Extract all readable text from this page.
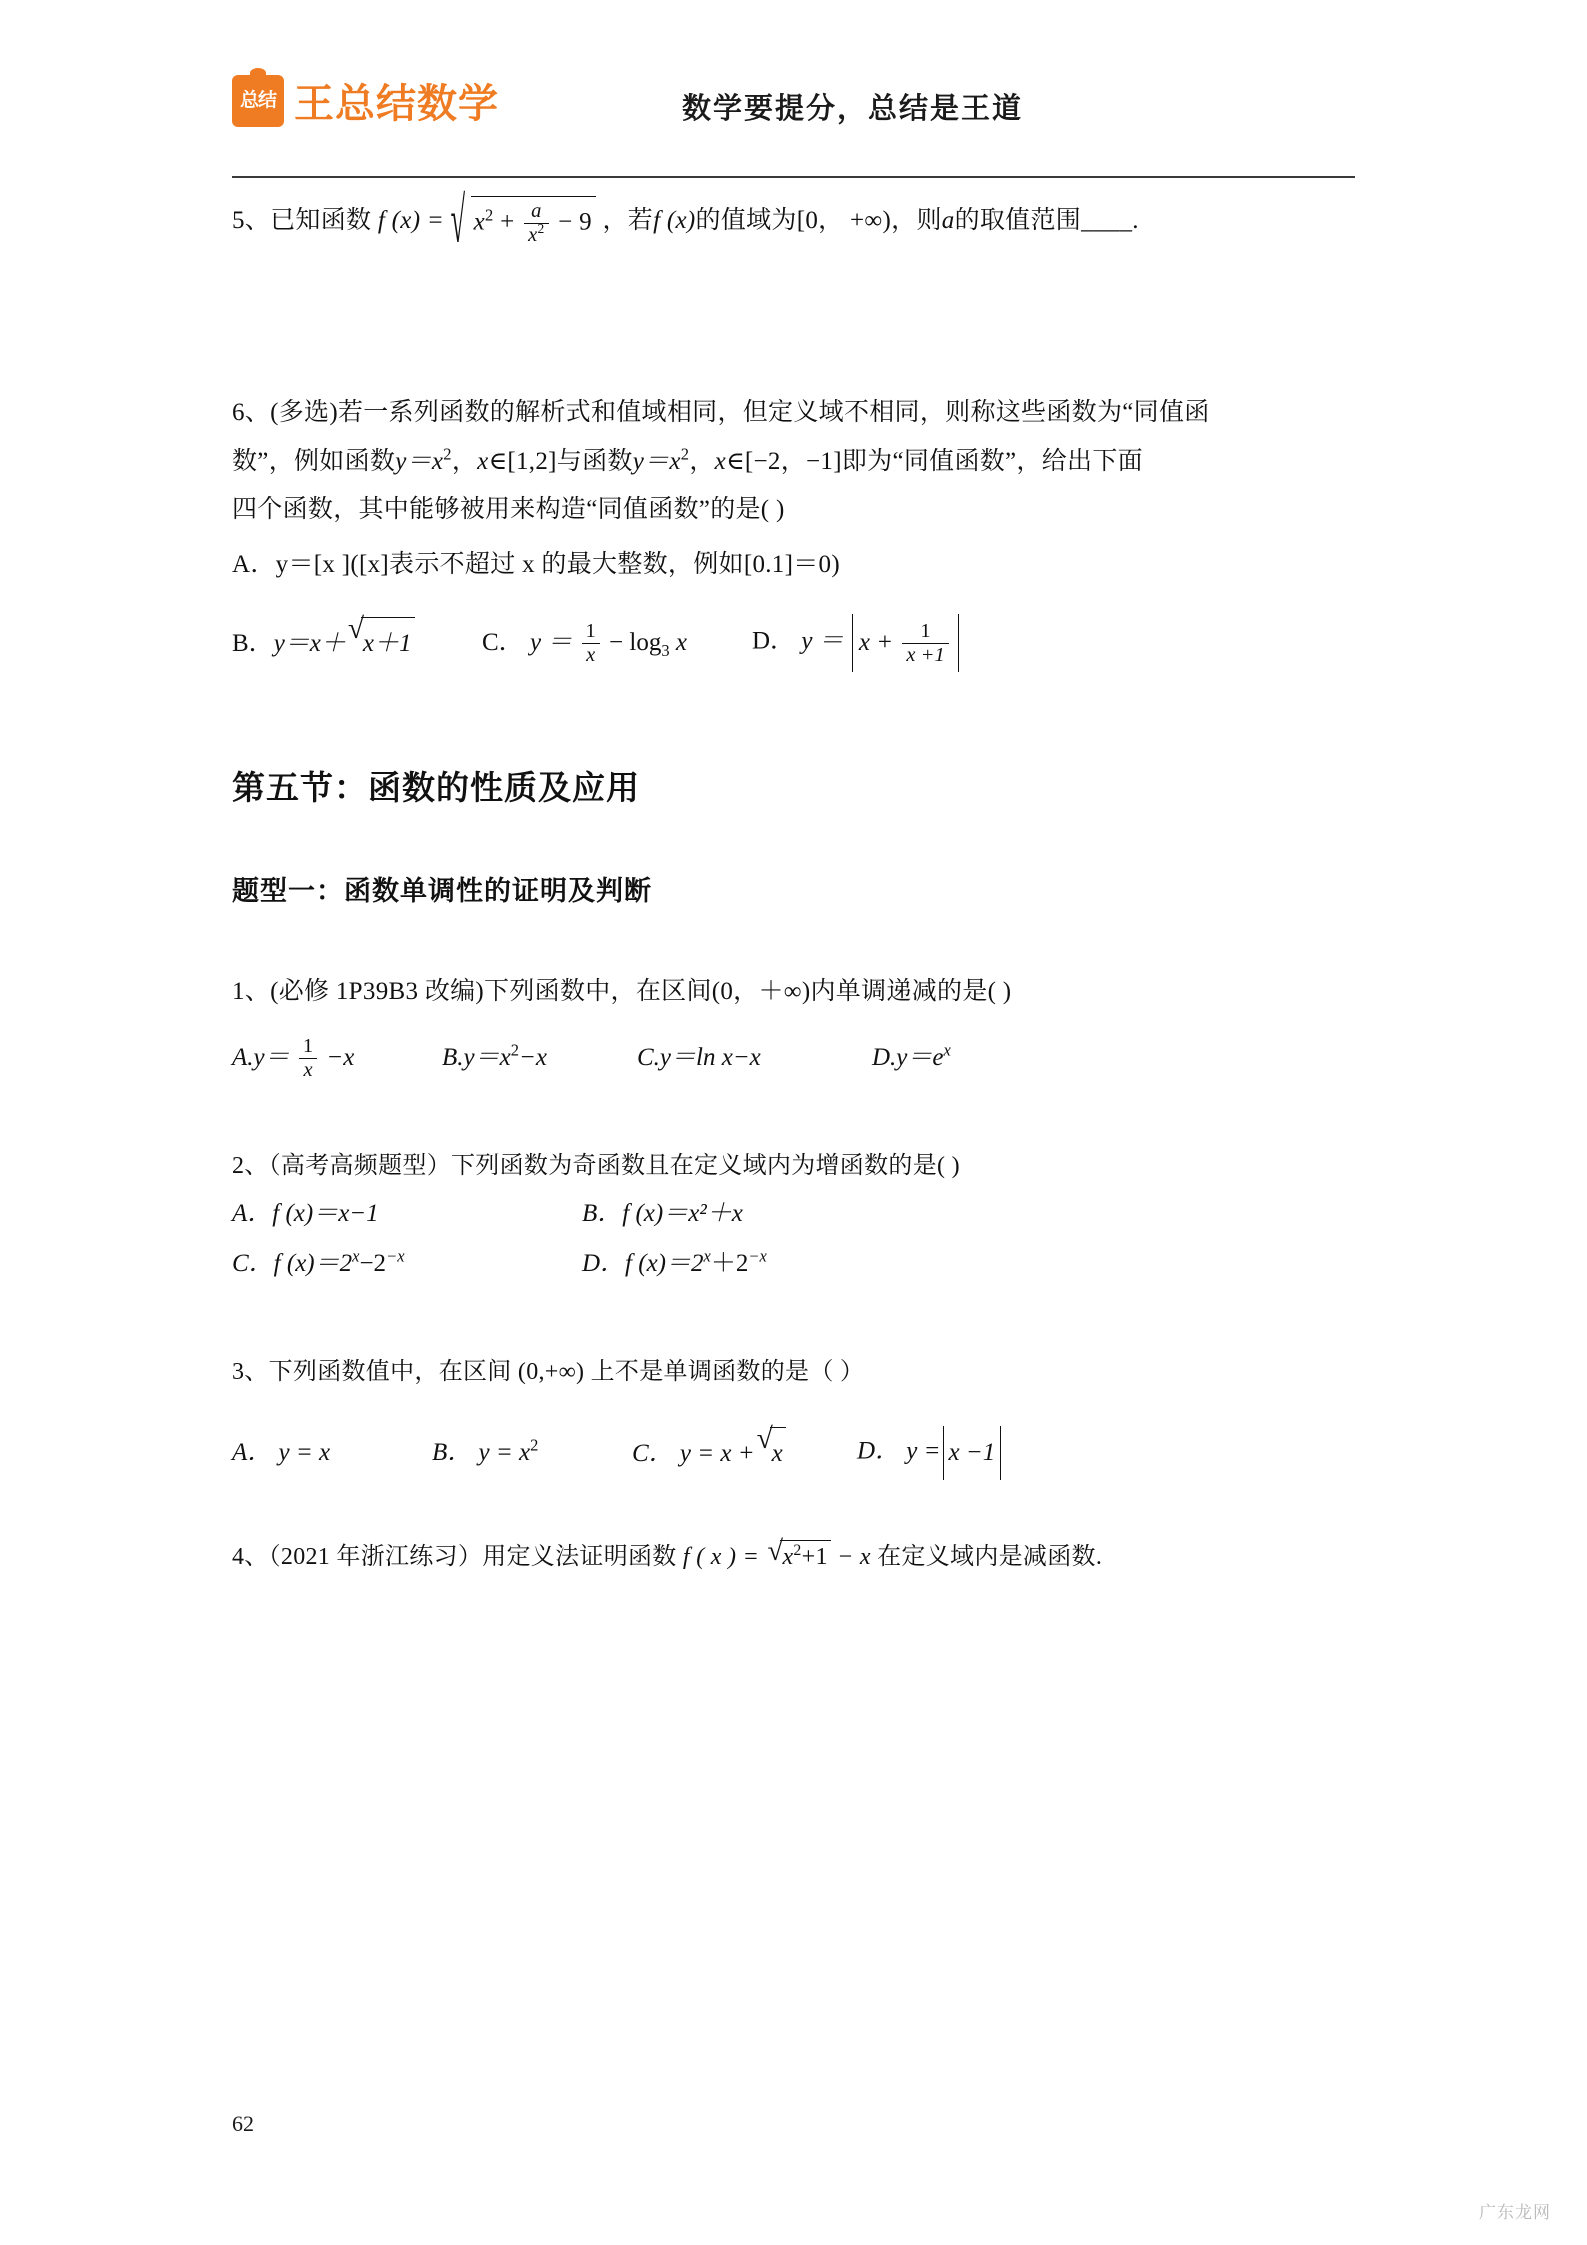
总结 王总结数学	数学要提分，总结是王道
5、已知函数 f (x) = √ $x^2 + \frac{a}{x^2} - 9$ ，若f (x)的值域为[0， +∞)，则a的取值范围____.
6、(多选)若一系列函数的解析式和值域相同，但定义域不相同，则称这些函数为“同值函
数”，例如函数$y=x^2$，x∈[1,2]与函数$y=x^2$，x∈[−2，−1]即为“同值函数”，给出下面
四个函数，其中能够被用来构造“同值函数”的是( )
A．y＝[x ]([x]表示不超过 x 的最大整数，例如[0.1]＝0)
B．y＝x＋ √
x＋1	C． $y = \frac{1}{x} - \log_3 x$	D． $y = x + \frac{1}{x +1}$
第五节：函数的性质及应用
题型一：函数单调性的证明及判断
1、(必修 1P39B3 改编)下列函数中，在区间(0，＋∞)内单调递减的是( )
$A.y= \frac{1}{x} -x$	$B.y=x^2-x$	C.y＝ln x−x	$D.y=e^x$
2、（高考高频题型）下列函数为奇函数且在定义域内为增函数的是( )
A．f (x)＝x−1	B．f (x)＝x²＋x
C．f $(x)=2^x-2^{-x}$	D．f $(x)=2^x+2^{-x}$
3、下列函数值中，在区间 (0,+∞) 上不是单调函数的是（ ）
A． y = x	B． $y = x^2$	C． y = x + √
x	D． y = x −1
4、（2021 年浙江练习）用定义法证明函数 f ( x ) = √ $x^2+1 - x$ 在定义域内是减函数.
62
广东龙网
